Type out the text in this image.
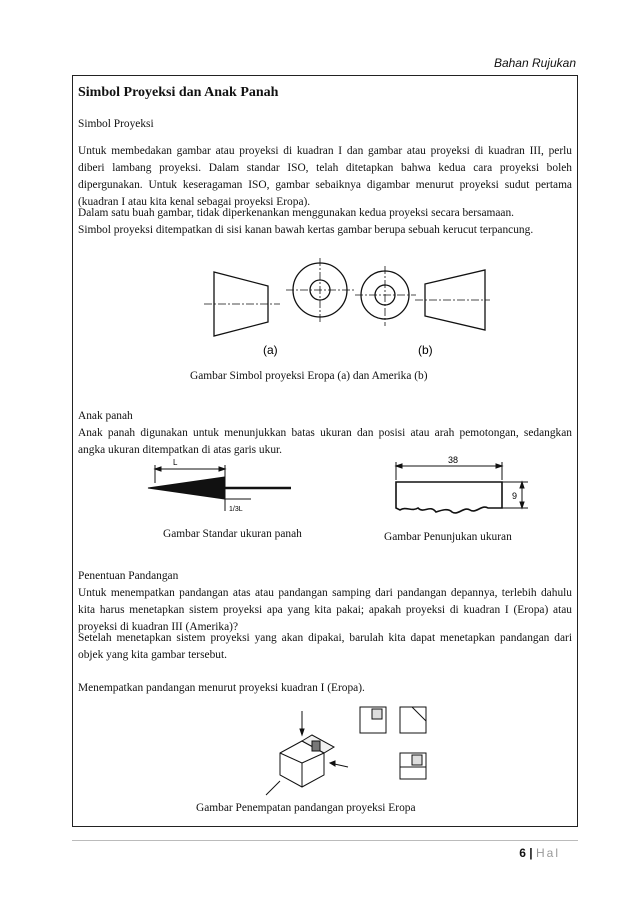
Bahan Rujukan

Simbol Proyeksi dan Anak Panah

Simbol Proyeksi

Untuk membedakan gambar atau proyeksi di kuadran I dan gambar atau proyeksi di kuadran III, perlu diberi lambang proyeksi. Dalam standar ISO, telah ditetapkan bahwa kedua cara proyeksi boleh dipergunakan. Untuk keseragaman ISO, gambar sebaiknya digambar menurut proyeksi sudut pertama (kuadran I atau kita kenal sebagai proyeksi Eropa).

Dalam satu buah gambar, tidak diperkenankan menggunakan kedua proyeksi secara bersamaan.

Simbol proyeksi ditempatkan di sisi kanan bawah kertas gambar berupa sebuah kerucut terpancung.

(a)	(b)
Gambar Simbol proyeksi Eropa (a) dan Amerika (b)

Anak panah

Anak panah digunakan untuk menunjukkan batas ukuran dan posisi atau arah pemotongan, sedangkan angka ukuran ditempatkan di atas garis ukur.

L
1/3L
38
9
Gambar Standar ukuran panah	Gambar Penunjukan ukuran

Penentuan Pandangan

Untuk menempatkan pandangan atas atau pandangan samping dari pandangan depannya, terlebih dahulu kita harus menetapkan sistem proyeksi apa yang kita pakai; apakah proyeksi di kuadran I (Eropa) atau proyeksi di kuadran III (Amerika)?

Setelah menetapkan sistem proyeksi yang akan dipakai, barulah kita dapat menetapkan pandangan dari objek yang kita gambar tersebut.

Menempatkan pandangan menurut proyeksi kuadran I (Eropa).

Gambar Penempatan pandangan proyeksi Eropa
6 | Hal
